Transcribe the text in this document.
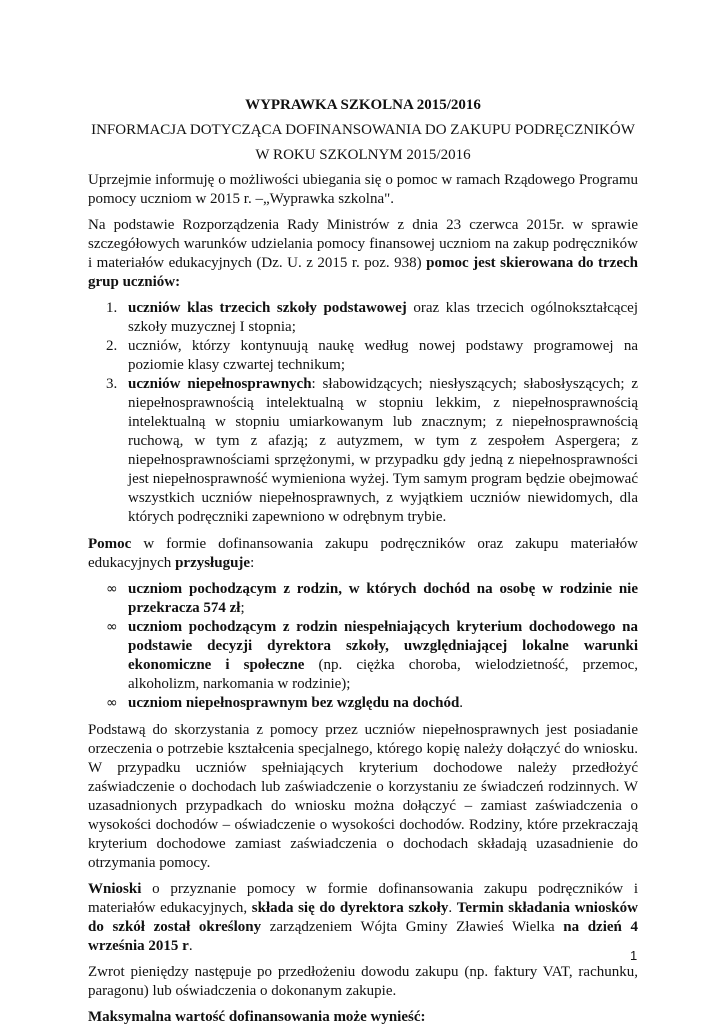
WYPRAWKA SZKOLNA 2015/2016

INFORMACJA DOTYCZĄCA DOFINANSOWANIA DO ZAKUPU PODRĘCZNIKÓW

W ROKU SZKOLNYM 2015/2016

Uprzejmie informuję o możliwości ubiegania się o pomoc w ramach Rządowego Programu pomocy uczniom w 2015 r. –„Wyprawka szkolna".

Na podstawie Rozporządzenia Rady Ministrów z dnia 23 czerwca 2015r. w sprawie szczegółowych warunków udzielania pomocy finansowej uczniom na zakup podręczników i materiałów edukacyjnych (Dz. U. z 2015 r. poz. 938) pomoc jest skierowana do trzech grup uczniów:

1. uczniów klas trzecich szkoły podstawowej oraz klas trzecich ogólnokształcącej szkoły muzycznej I stopnia;
2. uczniów, którzy kontynuują naukę według nowej podstawy programowej na poziomie klasy czwartej technikum;
3. uczniów niepełnosprawnych: słabowidzących; niesłyszących; słabosłyszących; z niepełnosprawnością intelektualną w stopniu lekkim, z niepełnosprawnością intelektualną w stopniu umiarkowanym lub znacznym; z niepełnosprawnością ruchową, w tym z afazją; z autyzmem, w tym z zespołem Aspergera; z niepełnosprawnościami sprzężonymi, w przypadku gdy jedną z niepełnosprawności jest niepełnosprawność wymieniona wyżej. Tym samym program będzie obejmować wszystkich uczniów niepełnosprawnych, z wyjątkiem uczniów niewidomych, dla których podręczniki zapewniono w odrębnym trybie.

Pomoc w formie dofinansowania zakupu podręczników oraz zakupu materiałów edukacyjnych przysługuje:

∞ uczniom pochodzącym z rodzin, w których dochód na osobę w rodzinie nie przekracza 574 zł;
∞ uczniom pochodzącym z rodzin niespełniających kryterium dochodowego na podstawie decyzji dyrektora szkoły, uwzględniającej lokalne warunki ekonomiczne i społeczne (np. ciężka choroba, wielodzietność, przemoc, alkoholizm, narkomania w rodzinie);
∞ uczniom niepełnosprawnym bez względu na dochód.

Podstawą do skorzystania z pomocy przez uczniów niepełnosprawnych jest posiadanie orzeczenia o potrzebie kształcenia specjalnego, którego kopię należy dołączyć do wniosku. W przypadku uczniów spełniających kryterium dochodowe należy przedłożyć zaświadczenie o dochodach lub zaświadczenie o korzystaniu ze świadczeń rodzinnych. W uzasadnionych przypadkach do wniosku można dołączyć – zamiast zaświadczenia o wysokości dochodów – oświadczenie o wysokości dochodów. Rodziny, które przekraczają kryterium dochodowe zamiast zaświadczenia o dochodach składają uzasadnienie do otrzymania pomocy.

Wnioski o przyznanie pomocy w formie dofinansowania zakupu podręczników i materiałów edukacyjnych, składa się do dyrektora szkoły. Termin składania wniosków do szkół został określony zarządzeniem Wójta Gminy Zławieś Wielka na dzień 4 września 2015 r.

Zwrot pieniędzy następuje po przedłożeniu dowodu zakupu (np. faktury VAT, rachunku, paragonu) lub oświadczenia o dokonanym zakupie.

Maksymalna wartość dofinansowania może wynieść:

1
